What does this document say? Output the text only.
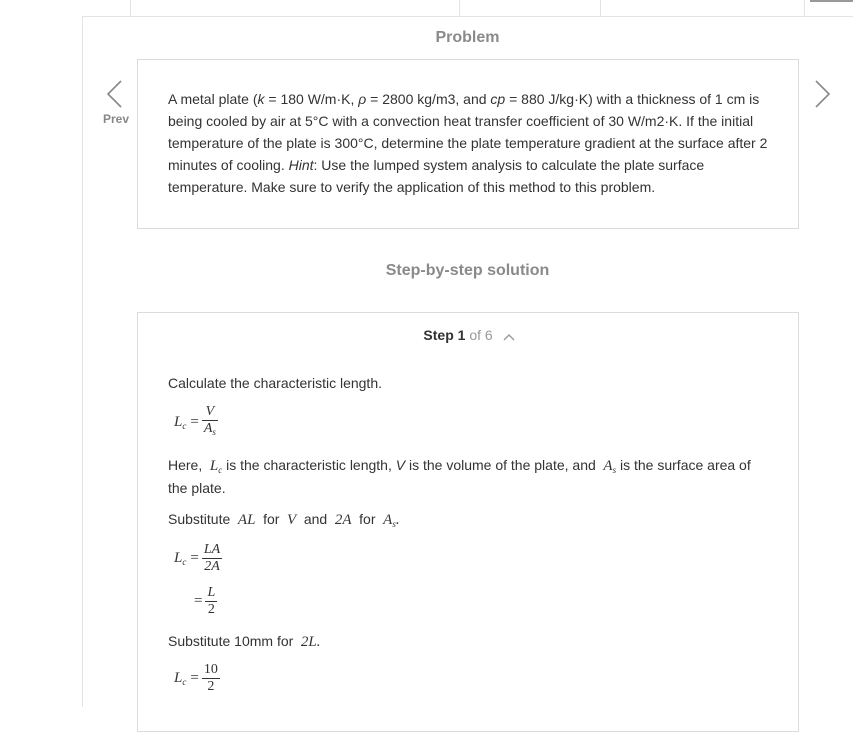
Problem
Prev
A metal plate (k = 180 W/m·K, ρ = 2800 kg/m3, and cp = 880 J/kg·K) with a thickness of 1 cm is being cooled by air at 5°C with a convection heat transfer coefficient of 30 W/m2·K. If the initial temperature of the plate is 300°C, determine the plate temperature gradient at the surface after 2 minutes of cooling. Hint: Use the lumped system analysis to calculate the plate surface temperature. Make sure to verify the application of this method to this problem.
Step-by-step solution
Step 1 of 6
Calculate the characteristic length.
$L_c = \frac{V}{A_s}$
Here,  $L_c$ is the characteristic length, V is the volume of the plate, and  $A_s$ is the surface area of
the plate.
Substitute AL for V and 2A for  $A_s$.
$L_c = \frac{LA}{2A}$
= $\frac{L}{2}$
Substitute 10mm for 2L.
$L_c = \frac{10}{2}$
